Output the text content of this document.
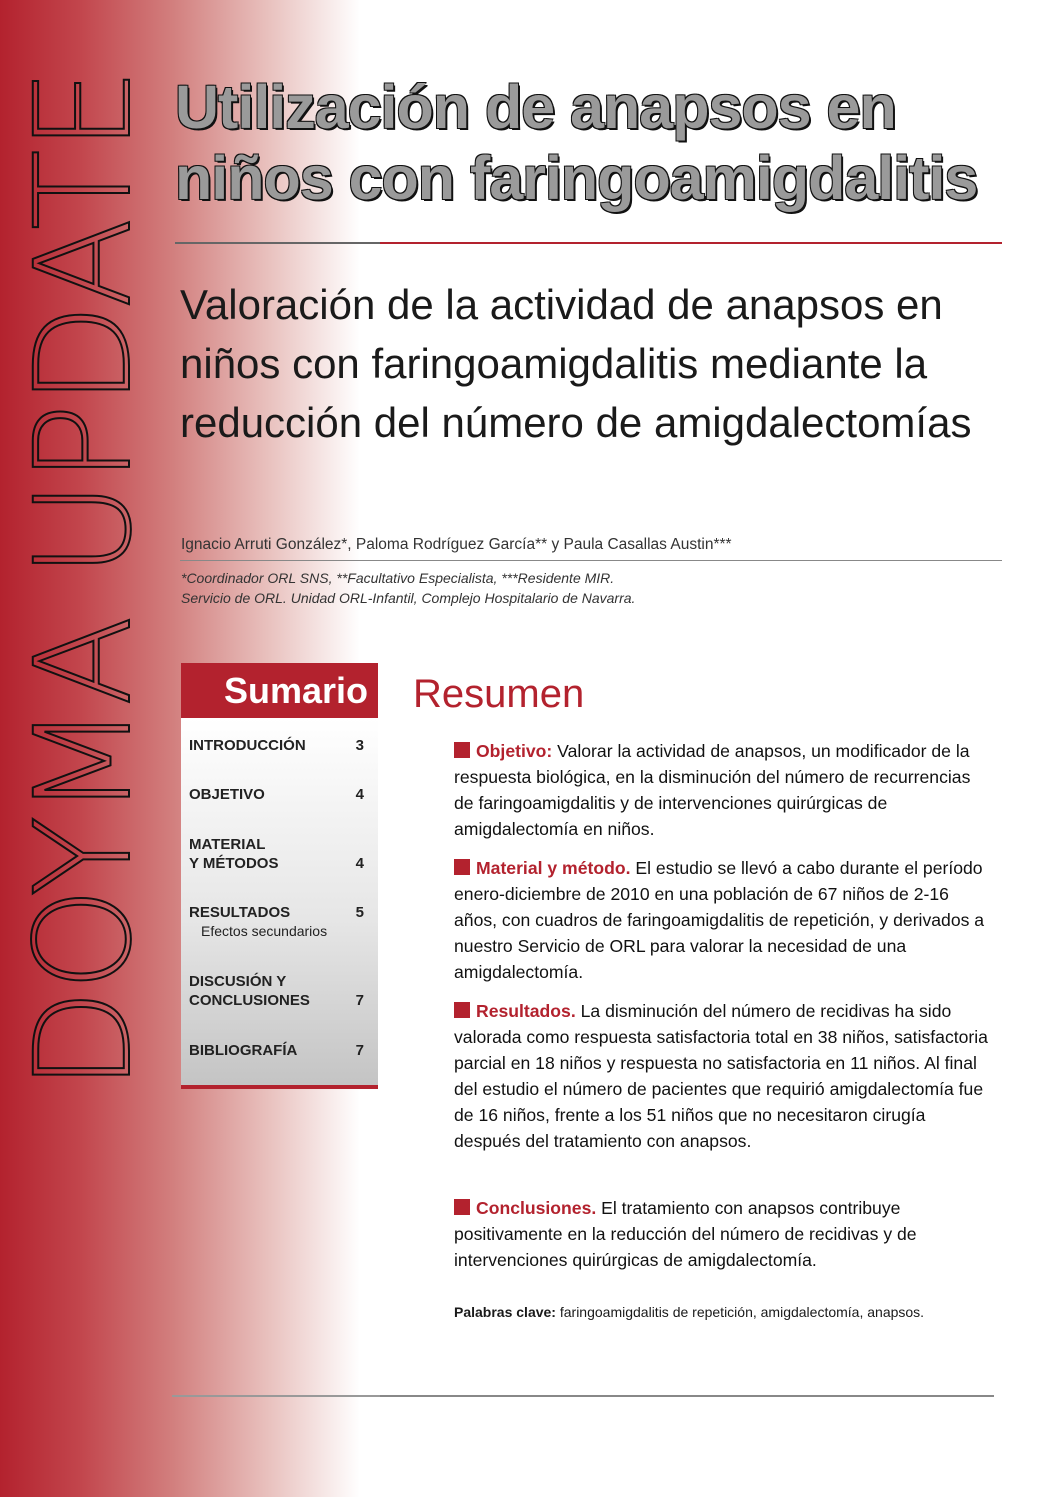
DOYMA UPDATE Utilización de anapsos en niños con faringoamigdalitis
Valoración de la actividad de anapsos en niños con faringoamigdalitis mediante la reducción del número de amigdalectomías
Ignacio Arruti González*, Paloma Rodríguez García** y Paula Casallas Austin***
*Coordinador ORL SNS, **Facultativo Especialista, ***Residente MIR.
Servicio de ORL. Unidad ORL-Infantil, Complejo Hospitalario de Navarra.
Sumario
INTRODUCCIÓN	3
OBJETIVO	4
MATERIAL
Y MÉTODOS	4
RESULTADOS	5
Efectos secundarios
DISCUSIÓN Y
CONCLUSIONES	7
BIBLIOGRAFÍA	7
Resumen
Objetivo: Valorar la actividad de anapsos, un modificador de la respuesta biológica, en la disminución del número de recurrencias de faringoamigdalitis y de intervenciones quirúrgicas de amigdalectomía en niños.
Material y método. El estudio se llevó a cabo durante el período enero-diciembre de 2010 en una población de 67 niños de 2-16 años, con cuadros de faringoamigdalitis de repetición, y derivados a nuestro Servicio de ORL para valorar la necesidad de una amigdalectomía.
Resultados. La disminución del número de recidivas ha sido valorada como respuesta satisfactoria total en 38 niños, satisfactoria parcial en 18 niños y respuesta no satisfactoria en 11 niños. Al final del estudio el número de pacientes que requirió amigdalectomía fue de 16 niños, frente a los 51 niños que no necesitaron cirugía después del tratamiento con anapsos.
Conclusiones. El tratamiento con anapsos contribuye positivamente en la reducción del número de recidivas y de intervenciones quirúrgicas de amigdalectomía.
Palabras clave: faringoamigdalitis de repetición, amigdalectomía, anapsos.
